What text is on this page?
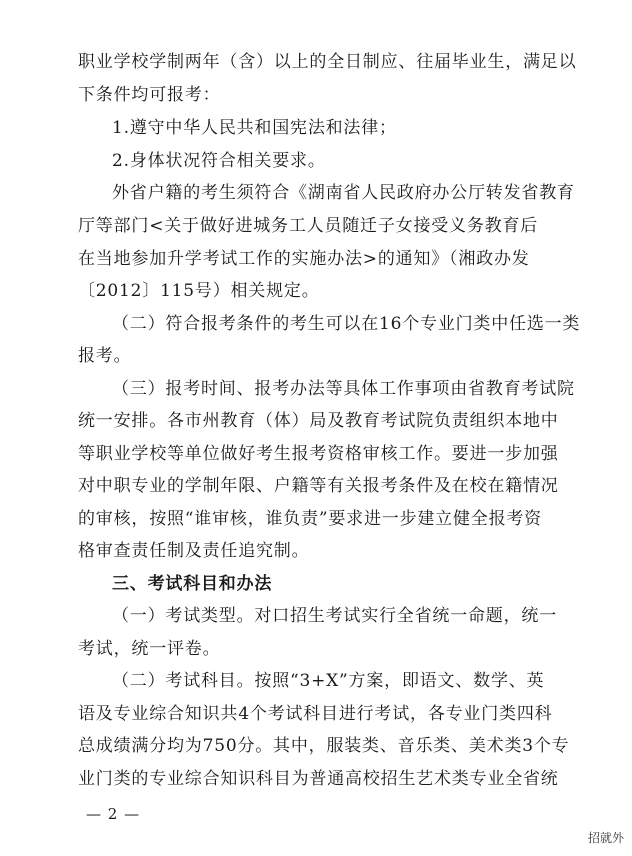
职业学校学制两年（含）以上的全日制应、往届毕业生，满足以
下条件均可报考：
1.遵守中华人民共和国宪法和法律；
2.身体状况符合相关要求。
外省户籍的考生须符合《湖南省人民政府办公厅转发省教育
厅等部门<关于做好进城务工人员随迁子女接受义务教育后
在当地参加升学考试工作的实施办法>的通知》（湘政办发
〔2012〕115号）相关规定。
（二）符合报考条件的考生可以在16个专业门类中任选一类
报考。
（三）报考时间、报考办法等具体工作事项由省教育考试院
统一安排。各市州教育（体）局及教育考试院负责组织本地中
等职业学校等单位做好考生报考资格审核工作。要进一步加强
对中职专业的学制年限、户籍等有关报考条件及在校在籍情况
的审核，按照“谁审核，谁负责”要求进一步建立健全报考资
格审查责任制及责任追究制。
三、考试科目和办法
（一）考试类型。对口招生考试实行全省统一命题，统一
考试，统一评卷。
（二）考试科目。按照“3+X”方案，即语文、数学、英
语及专业综合知识共4个考试科目进行考试，各专业门类四科
总成绩满分均为750分。其中，服装类、音乐类、美术类3个专
业门类的专业综合知识科目为普通高校招生艺术类专业全省统
— 2 —
招就外
